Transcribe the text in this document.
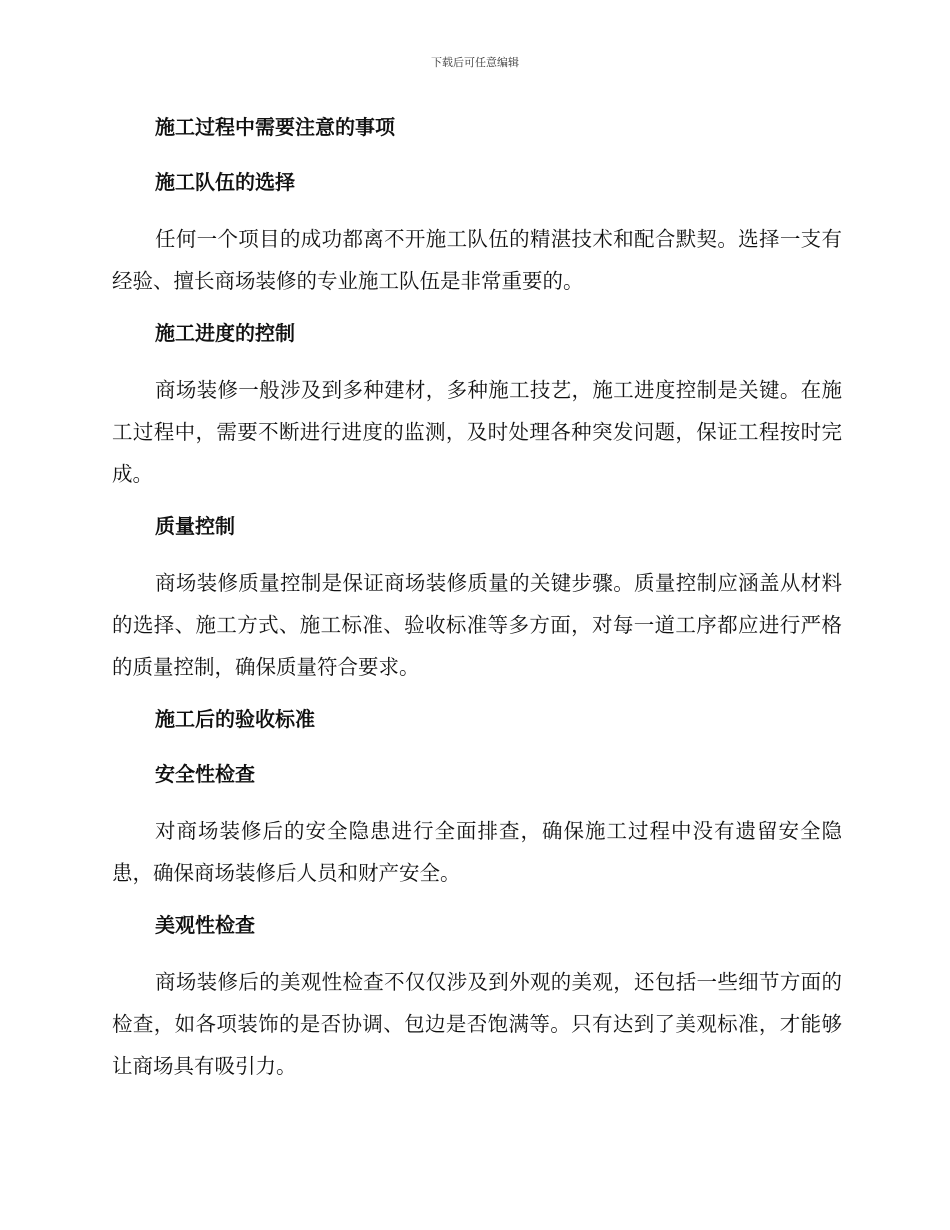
下载后可任意编辑
施工过程中需要注意的事项
施工队伍的选择

任何一个项目的成功都离不开施工队伍的精湛技术和配合默契。选择一支有经验、擅长商场装修的专业施工队伍是非常重要的。

施工进度的控制

商场装修一般涉及到多种建材，多种施工技艺，施工进度控制是关键。在施工过程中，需要不断进行进度的监测，及时处理各种突发问题，保证工程按时完成。

质量控制

商场装修质量控制是保证商场装修质量的关键步骤。质量控制应涵盖从材料的选择、施工方式、施工标准、验收标准等多方面，对每一道工序都应进行严格的质量控制，确保质量符合要求。

施工后的验收标准
安全性检查

对商场装修后的安全隐患进行全面排查，确保施工过程中没有遗留安全隐患，确保商场装修后人员和财产安全。

美观性检查

商场装修后的美观性检查不仅仅涉及到外观的美观，还包括一些细节方面的检查，如各项装饰的是否协调、包边是否饱满等。只有达到了美观标准，才能够让商场具有吸引力。
